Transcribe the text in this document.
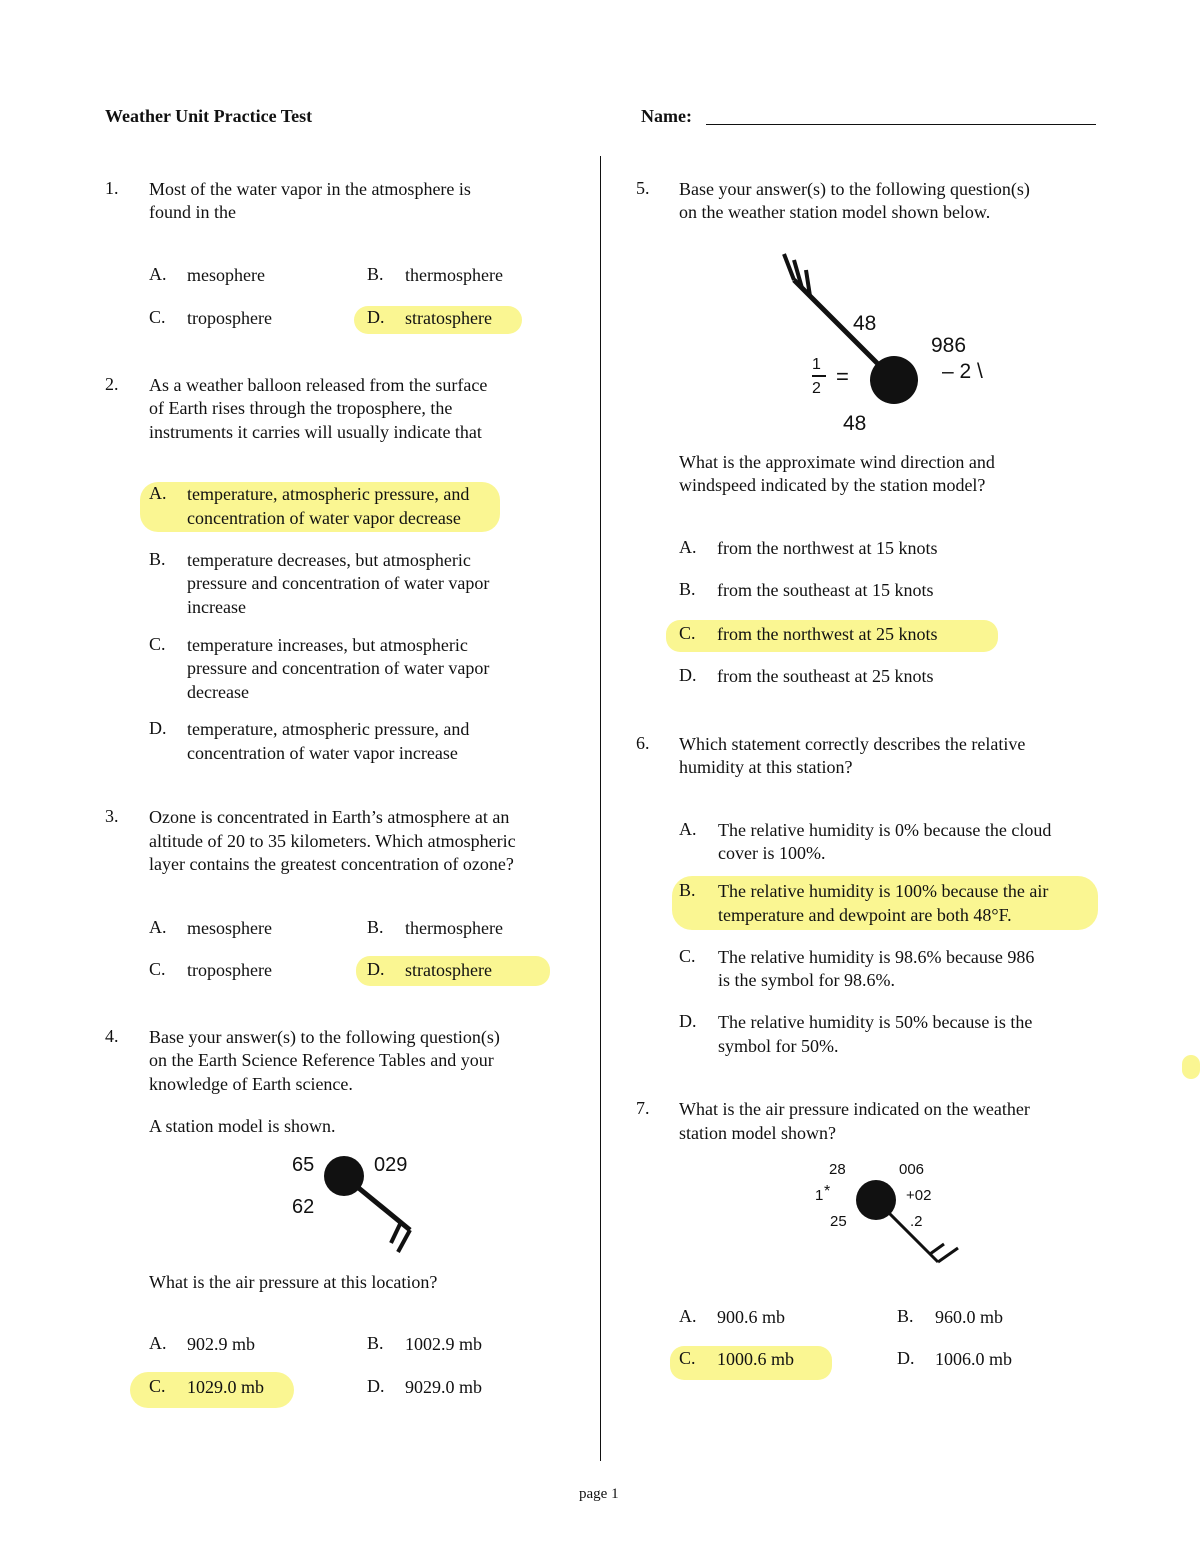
Weather Unit Practice Test	Name:
1. Most of the water vapor in the atmosphere is
found in the
A. mesophere	B. thermosphere
C. troposphere	D. stratosphere
2. As a weather balloon released from the surface
of Earth rises through the troposphere, the
instruments it carries will usually indicate that
A. temperature, atmospheric pressure, and
concentration of water vapor decrease
B. temperature decreases, but atmospheric
pressure and concentration of water vapor
increase
C. temperature increases, but atmospheric
pressure and concentration of water vapor
decrease
D. temperature, atmospheric pressure, and
concentration of water vapor increase
3. Ozone is concentrated in Earth’s atmosphere at an
altitude of 20 to 35 kilometers. Which atmospheric
layer contains the greatest concentration of ozone?
A. mesosphere	B. thermosphere
C. troposphere	D. stratosphere
4. Base your answer(s) to the following question(s)
on the Earth Science Reference Tables and your
knowledge of Earth science.
A station model is shown.
65
62
029
What is the air pressure at this location?
A. 902.9 mb	B. 1002.9 mb
C. 1029.0 mb	D. 9029.0 mb
5. Base your answer(s) to the following question(s)
on the weather station model shown below.
48
986
– 2 \
1
2 =
48
What is the approximate wind direction and
windspeed indicated by the station model?
A. from the northwest at 15 knots
B. from the southeast at 15 knots
C. from the northwest at 25 knots
D. from the southeast at 25 knots
6. Which statement correctly describes the relative
humidity at this station?
A. The relative humidity is 0% because the cloud
cover is 100%.
B. The relative humidity is 100% because the air
temperature and dewpoint are both 48°F.
C. The relative humidity is 98.6% because 986
is the symbol for 98.6%.
D. The relative humidity is 50% because is the
symbol for 50%.
7. What is the air pressure indicated on the weather
station model shown?
28	006
1 *	+02
25	.2
A. 900.6 mb	B. 960.0 mb
C. 1000.6 mb	D. 1006.0 mb
page 1
